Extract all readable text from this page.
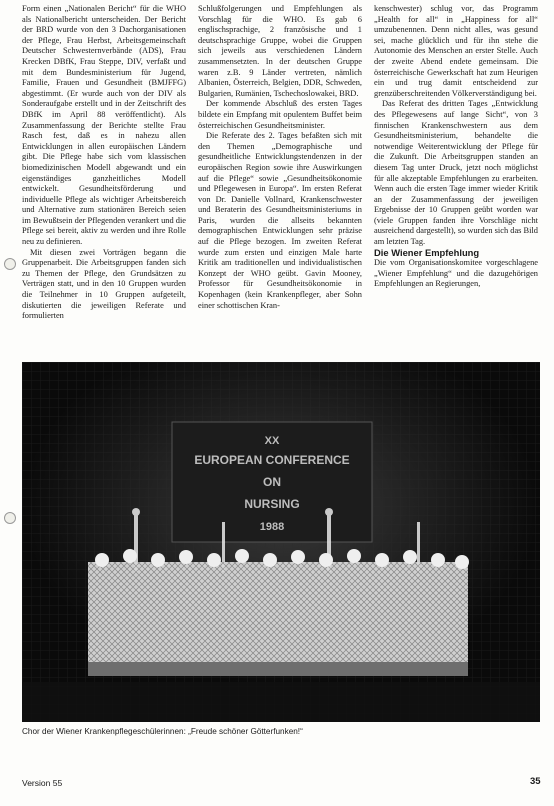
Form einen „Nationalen Bericht“ für die WHO als Nationalbericht unterscheiden. Der Bericht der BRD wurde von den 3 Dachorganisationen der Pflege, Frau Herbst, Arbeitsgemeinschaft Deutscher Schwesternverbände (ADS), Frau Krecken DBfK, Frau Steppe, DIV, verfaßt und mit dem Bundesministerium für Jugend, Familie, Frauen und Gesundheit (BMJFFG) abgestimmt. (Er wurde auch von der DIV als Sonderaufgabe erstellt und in der Zeitschrift des DBfK im April 88 veröffentlicht). Als Zusammenfassung der Berichte stellte Frau Rasch fest, daß es in nahezu allen Entwicklungen in allen europäischen Ländern gibt. Die Pflege habe sich vom klassischen biomedizinischen Modell abgewandt und ein eigenständiges ganzheitliches Modell entwickelt. Gesundheitsförderung und individuelle Pflege als wichtiger Arbeitsbereich und Alternative zum stationären Bereich seien im Bewußtsein der Pflegenden verankert und die Pflege sei bereit, aktiv zu werden und ihre Rolle neu zu definieren.

Mit diesen zwei Vorträgen begann die Gruppenarbeit. Die Arbeitsgruppen fanden sich zu Themen der Pflege, den Grundsätzen zu Verträgen statt, und in den 10 Gruppen wurden die Teilnehmer in 10 Gruppen aufgeteilt, diskutierten die jeweiligen Referate und formulierten

Schlußfolgerungen und Empfehlungen als Vorschlag für die WHO. Es gab 6 englischsprachige, 2 französische und 1 deutschsprachige Gruppe, wobei die Gruppen sich jeweils aus verschiedenen Ländern zusammensetzten. In der deutschen Gruppe waren z.B. 9 Länder vertreten, nämlich Albanien, Österreich, Belgien, DDR, Schweden, Bulgarien, Rumänien, Tschechoslowakei, BRD.

Der kommende Abschluß des ersten Tages bildete ein Empfang mit opulentem Buffet beim österreichischen Gesundheitsminister.

Die Referate des 2. Tages befaßten sich mit den Themen „Demographische und gesundheitliche Entwicklungstendenzen in der europäischen Region sowie ihre Auswirkungen auf die Pflege“ sowie „Gesundheitsökonomie und Pflegewesen in Europa“. Im ersten Referat von Dr. Danielle Vollnard, Krankenschwester und Beraterin des Gesundheitsministeriums in Paris, wurden die allseits bekannten demographischen Entwicklungen sehr präzise auf die Pflege bezogen. Im zweiten Referat wurde zum ersten und einzigen Male harte Kritik am traditionellen und individualistischen Konzept der WHO geübt. Gavin Mooney, Professor für Gesundheitsökonomie in Kopenhagen (kein Krankenpfleger, aber Sohn einer schottischen Kran-

kenschwester) schlug vor, das Programm „Health for all“ in „Happiness for all“ umzubenennen. Denn nicht alles, was gesund sei, mache glücklich und für ihn stehe die Autonomie des Menschen an erster Stelle. Auch der zweite Abend endete gemeinsam. Die österreichische Gewerkschaft hat zum Heurigen ein und trug damit entscheidend zur grenzüberschreitenden Völkerverständigung bei.

Das Referat des dritten Tages „Entwicklung des Pflegewesens auf lange Sicht“, von 3 finnischen Krankenschwestern aus dem Gesundheitsministerium, behandelte die notwendige Weiterentwicklung der Pflege für die Zukunft. Die Arbeitsgruppen standen an diesem Tag unter Druck, jetzt noch möglichst für alle akzeptable Empfehlungen zu erarbeiten. Wenn auch die ersten Tage immer wieder Kritik an der Zusammenfassung der jeweiligen Ergebnisse der 10 Gruppen geübt worden war (viele Gruppen fanden ihre Vorschläge nicht ausreichend dargestellt), so wurden sich das Bild am letzten Tag.

Die Wiener Empfehlung

Die vom Organisationskomitee vorgeschlagene „Wiener Empfehlung“ und die dazugehörigen Empfehlungen an Regierungen,

XX
EUROPEAN CONFERENCE
ON
NURSING
1988
Chor der Wiener Krankenpflegeschülerinnen: „Freude schöner Götterfunken!“
Version 55	35
